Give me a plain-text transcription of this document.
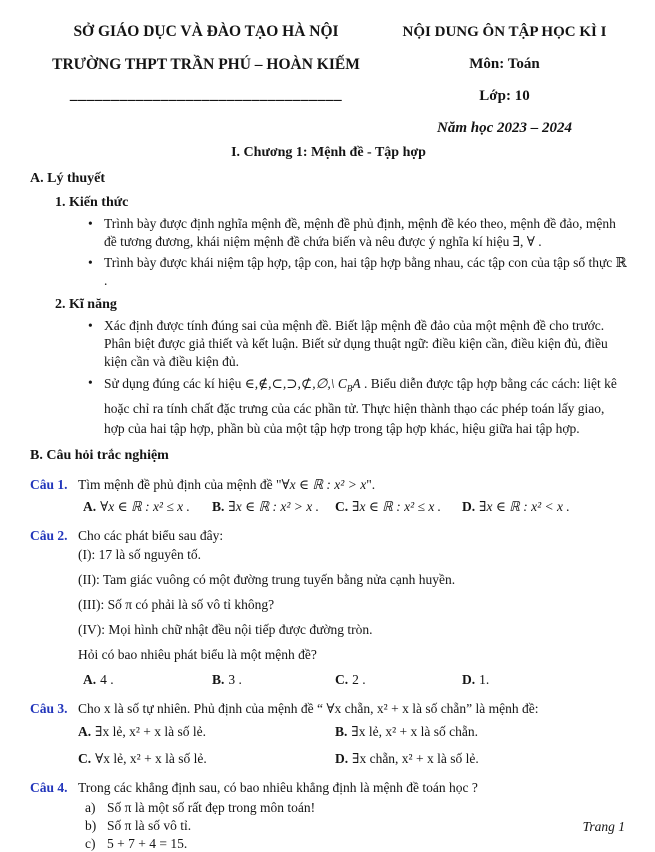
SỞ GIÁO DỤC VÀ ĐÀO TẠO HÀ NỘI
TRƯỜNG THPT TRẦN PHÚ – HOÀN KIẾM
_________________________________
NỘI DUNG ÔN TẬP HỌC KÌ I
Môn: Toán
Lớp: 10
Năm học 2023 – 2024
I. Chương 1: Mệnh đề - Tập hợp
A. Lý thuyết
1. Kiến thức
• Trình bày được định nghĩa mệnh đề, mệnh đề phủ định, mệnh đề kéo theo, mệnh đề đảo, mệnh đề tương đương, khái niệm mệnh đề chứa biến và nêu được ý nghĩa kí hiệu ∃, ∀ .
• Trình bày được khái niệm tập hợp, tập con, hai tập hợp bằng nhau, các tập con của tập số thực ℝ .
2. Kĩ năng
• Xác định được tính đúng sai của mệnh đề. Biết lập mệnh đề đảo của một mệnh đề cho trước. Phân biệt được giả thiết và kết luận. Biết sử dụng thuật ngữ: điều kiện cần, điều kiện đủ, điều kiện cần và điều kiện đủ.
• Sử dụng đúng các kí hiệu ∈,∉,⊂,⊃,⊄,∅,\ $C_BA$ . Biểu diễn được tập hợp bằng các cách: liệt kê hoặc chỉ ra tính chất đặc trưng của các phần tử. Thực hiện thành thạo các phép toán lấy giao, hợp của hai tập hợp, phần bù của một tập hợp trong tập hợp khác, hiệu giữa hai tập hợp.
B. Câu hỏi trắc nghiệm
Câu 1. Tìm mệnh đề phủ định của mệnh đề "∀x ∈ ℝ : x² > x".
A. ∀x ∈ ℝ : x² ≤ x .	B. ∃x ∈ ℝ : x² > x .	C. ∃x ∈ ℝ : x² ≤ x .	D. ∃x ∈ ℝ : x² < x .
Câu 2. Cho các phát biểu sau đây:
(I): 17 là số nguyên tố.
(II): Tam giác vuông có một đường trung tuyến bằng nửa cạnh huyền.
(III): Số π có phải là số vô tỉ không?
(IV): Mọi hình chữ nhật đều nội tiếp được đường tròn.
Hỏi có bao nhiêu phát biểu là một mệnh đề?
A. 4 .	B. 3 .	C. 2 .	D. 1.
Câu 3. Cho x là số tự nhiên. Phủ định của mệnh đề “ ∀x chẵn, x² + x là số chẵn” là mệnh đề:
A. ∃x lẻ, x² + x là số lẻ.	B. ∃x lẻ, x² + x là số chẵn.
C. ∀x lẻ, x² + x là số lẻ.	D. ∃x chẵn, x² + x là số lẻ.
Câu 4. Trong các khẳng định sau, có bao nhiêu khẳng định là mệnh đề toán học ?
a) Số π là một số rất đẹp trong môn toán!
b) Số π là số vô tỉ.
c) 5 + 7 + 4 = 15.
Trang 1
